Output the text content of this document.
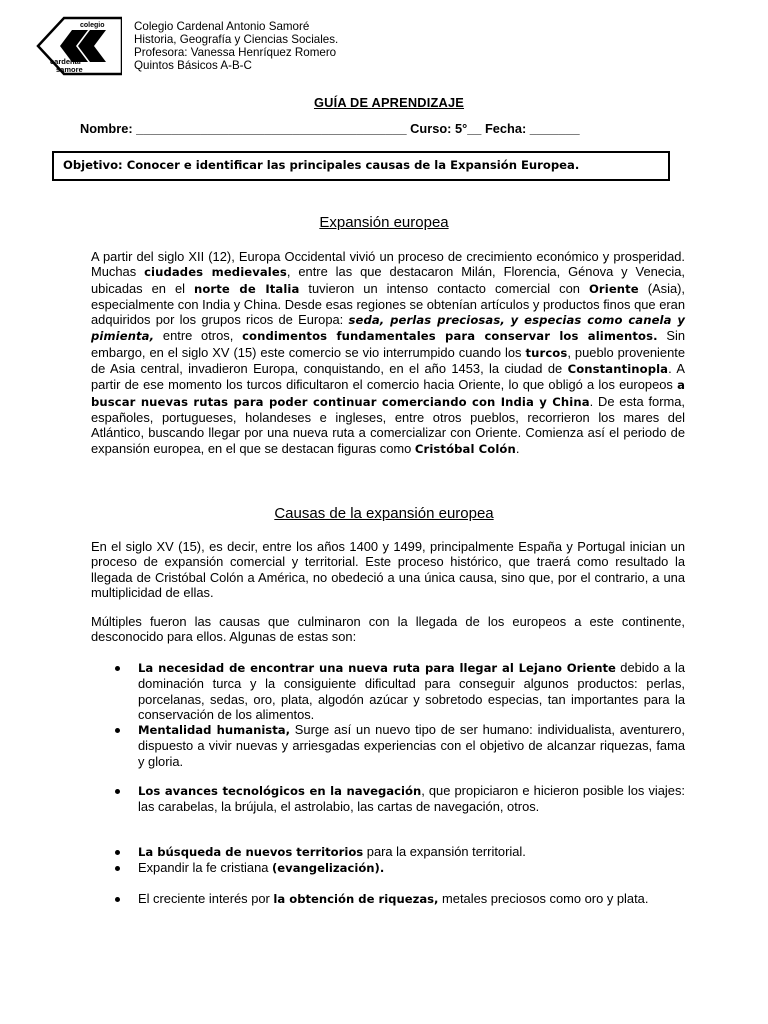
colegio
cardenal
samore
Colegio Cardenal Antonio Samoré
Historia, Geografía y Ciencias Sociales.
Profesora: Vanessa Henríquez Romero
Quintos Básicos A-B-C
GUÍA DE APRENDIZAJE
Nombre: ______________________________________ Curso: 5°__ Fecha: _______
Objetivo: Conocer e identificar las principales causas de la Expansión Europea.
Expansión europea
A partir del siglo XII (12), Europa Occidental vivió un proceso de crecimiento económico y prosperidad. Muchas ciudades medievales, entre las que destacaron Milán, Florencia, Génova y Venecia, ubicadas en el norte de Italia tuvieron un intenso contacto comercial con Oriente (Asia), especialmente con India y China. Desde esas regiones se obtenían artículos y productos finos que eran adquiridos por los grupos ricos de Europa: seda, perlas preciosas, y especias como canela y pimienta, entre otros, condimentos fundamentales para conservar los alimentos. Sin embargo, en el siglo XV (15) este comercio se vio interrumpido cuando los turcos, pueblo proveniente de Asia central, invadieron Europa, conquistando, en el año 1453, la ciudad de Constantinopla. A partir de ese momento los turcos dificultaron el comercio hacia Oriente, lo que obligó a los europeos a buscar nuevas rutas para poder continuar comerciando con India y China. De esta forma, españoles, portugueses, holandeses e ingleses, entre otros pueblos, recorrieron los mares del Atlántico, buscando llegar por una nueva ruta a comercializar con Oriente. Comienza así el periodo de expansión europea, en el que se destacan figuras como Cristóbal Colón.
Causas de la expansión europea
En el siglo XV (15), es decir, entre los años 1400 y 1499, principalmente España y Portugal inician un proceso de expansión comercial y territorial. Este proceso histórico, que traerá como resultado la llegada de Cristóbal Colón a América, no obedeció a una única causa, sino que, por el contrario, a una multiplicidad de ellas.
Múltiples fueron las causas que culminaron con la llegada de los europeos a este continente, desconocido para ellos. Algunas de estas son:
La necesidad de encontrar una nueva ruta para llegar al Lejano Oriente debido a la dominación turca y la consiguiente dificultad para conseguir algunos productos: perlas, porcelanas, sedas, oro, plata, algodón azúcar y sobretodo especias, tan importantes para la conservación de los alimentos.
Mentalidad humanista, Surge así un nuevo tipo de ser humano: individualista, aventurero, dispuesto a vivir nuevas y arriesgadas experiencias con el objetivo de alcanzar riquezas, fama y gloria.
Los avances tecnológicos en la navegación, que propiciaron e hicieron posible los viajes: las carabelas, la brújula, el astrolabio, las cartas de navegación, otros.
La búsqueda de nuevos territorios para la expansión territorial.
Expandir la fe cristiana (evangelización).
El creciente interés por la obtención de riquezas, metales preciosos como oro y plata.
